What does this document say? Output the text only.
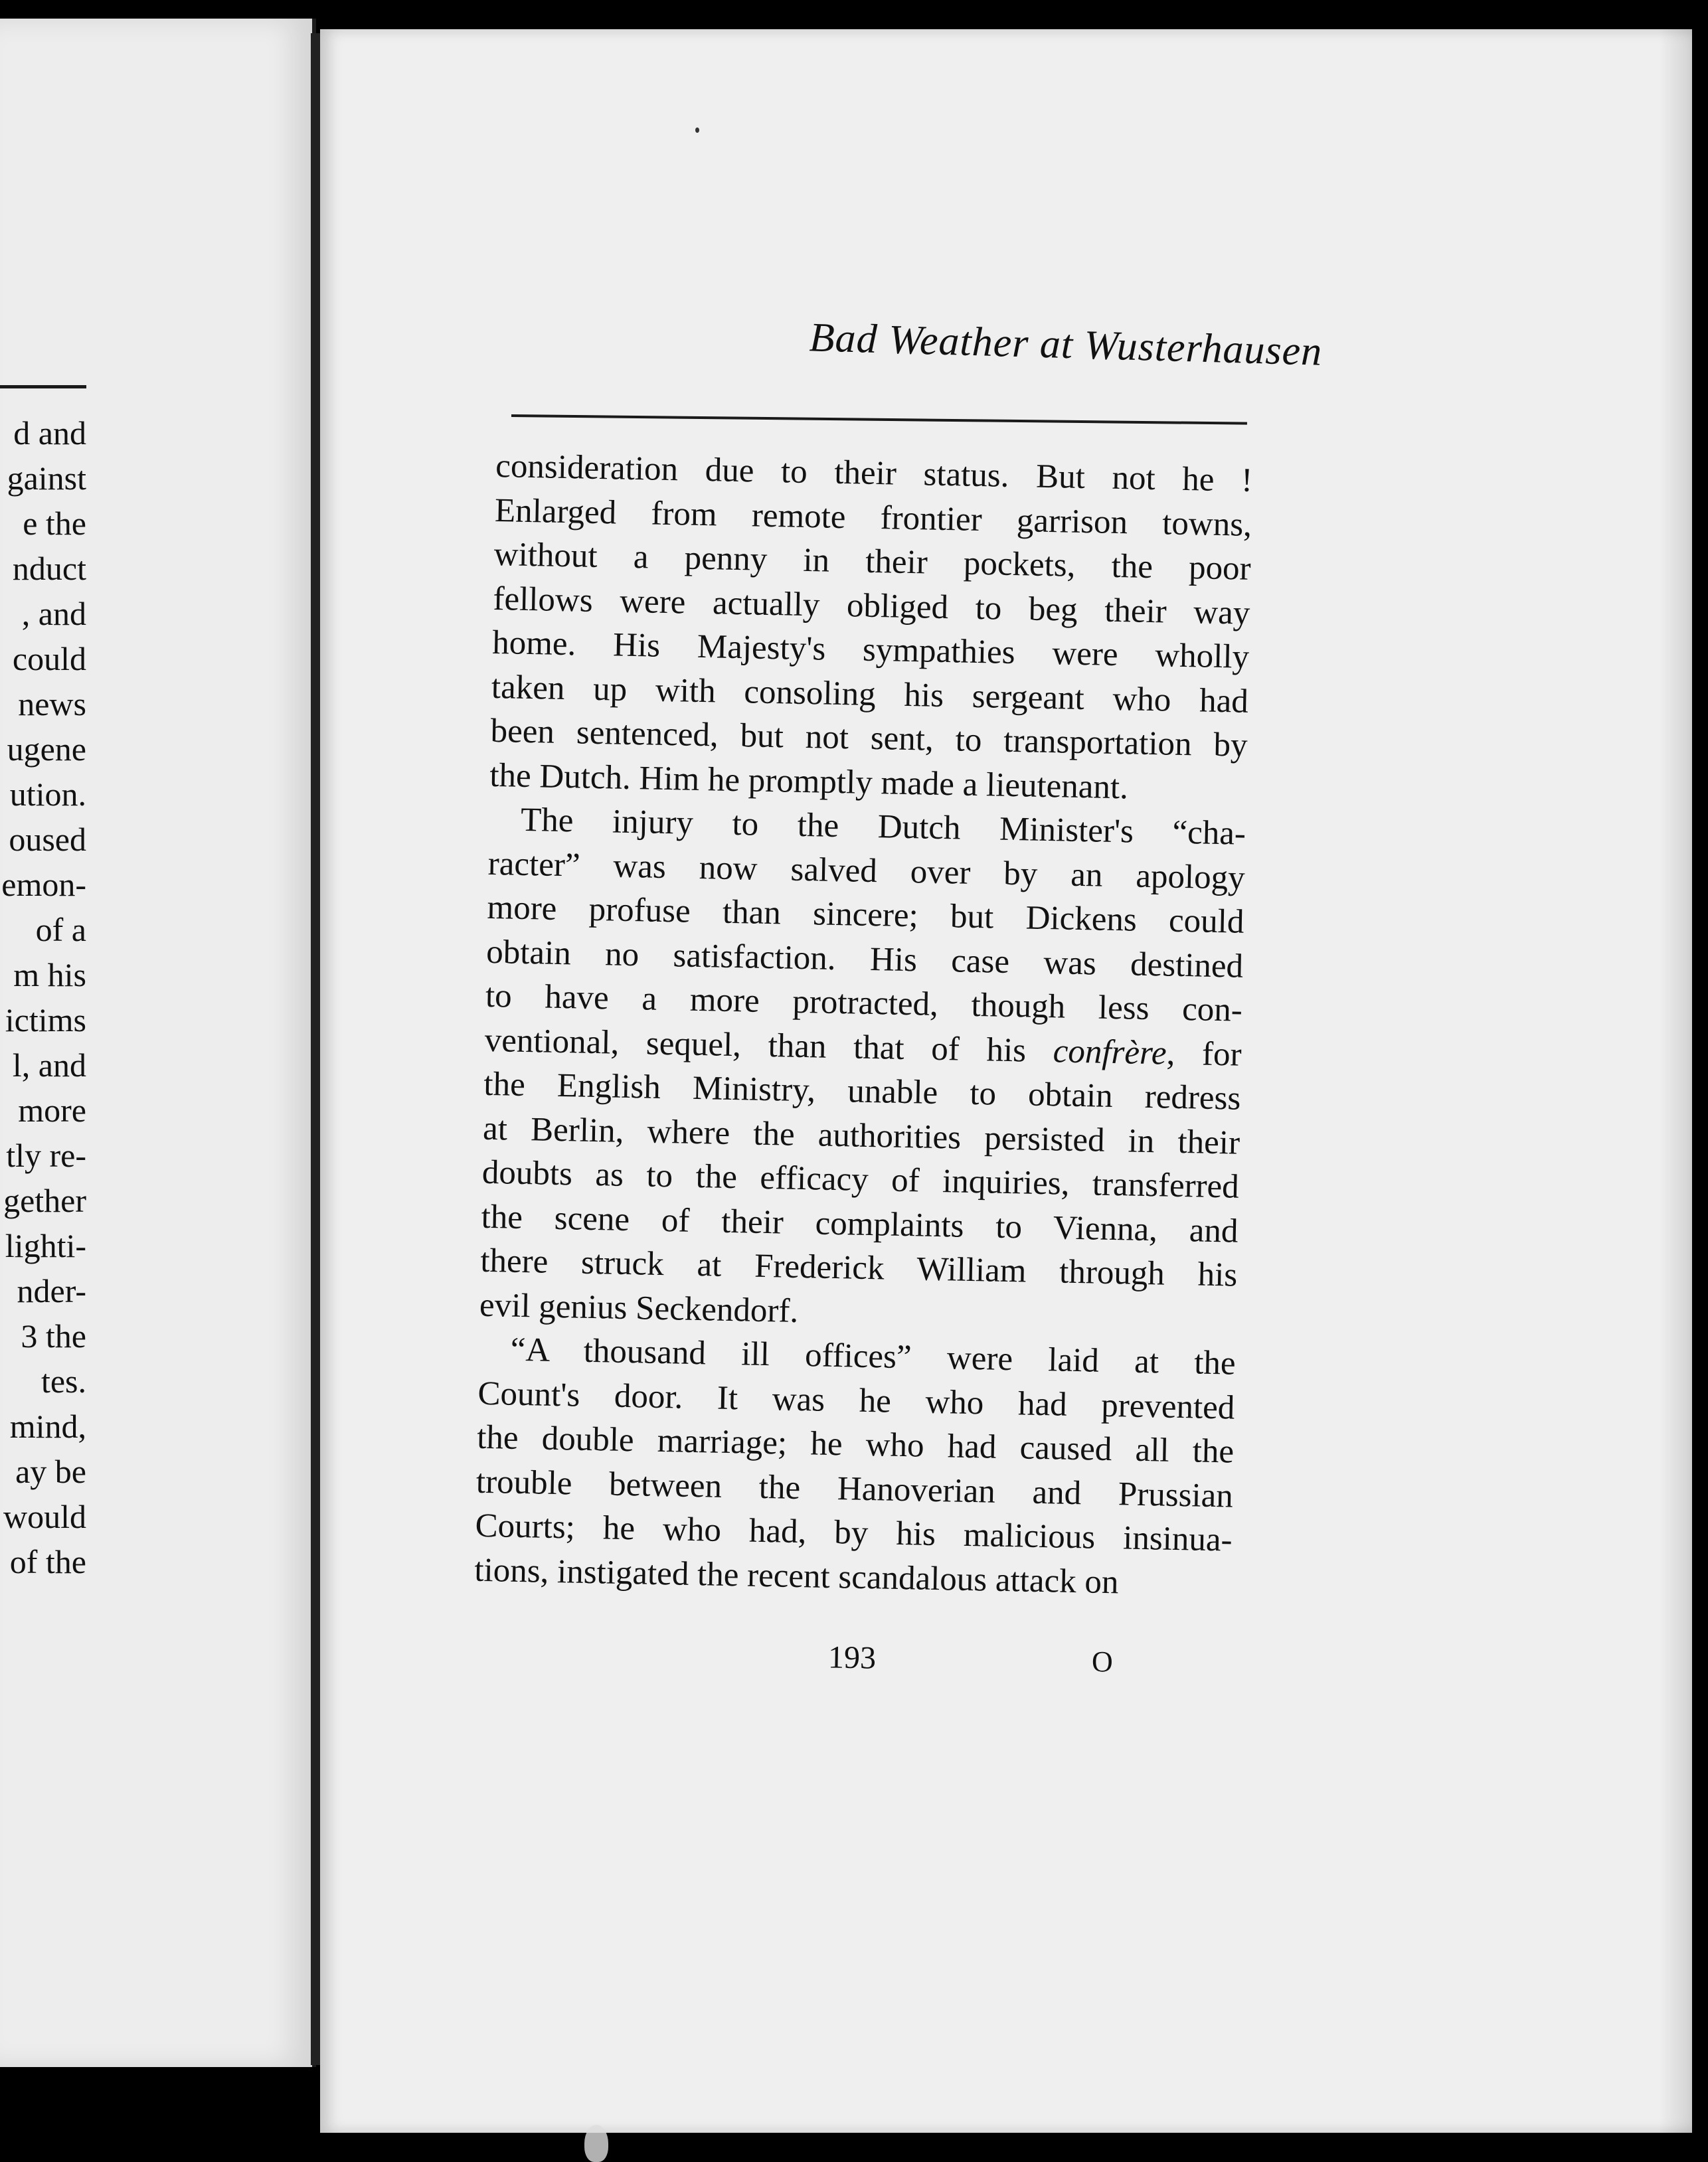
d and
gainst
e the
nduct
, and
could
news
ugene
ution.
oused
emon-
of a
m his
ictims
l, and
more
tly re-
gether
lighti-
nder-
3 the
tes.
mind,
ay be
would
of the
Bad Weather at Wusterhausen
consideration due to their status. But not he !
Enlarged from remote frontier garrison towns,
without a penny in their pockets, the poor
fellows were actually obliged to beg their way
home. His Majesty's sympathies were wholly
taken up with consoling his sergeant who had
been sentenced, but not sent, to transportation by
the Dutch. Him he promptly made a lieutenant.
The injury to the Dutch Minister's “cha-
racter” was now salved over by an apology
more profuse than sincere; but Dickens could
obtain no satisfaction. His case was destined
to have a more protracted, though less con-
ventional, sequel, than that of his confrère, for
the English Ministry, unable to obtain redress
at Berlin, where the authorities persisted in their
doubts as to the efficacy of inquiries, transferred
the scene of their complaints to Vienna, and
there struck at Frederick William through his
evil genius Seckendorf.
“A thousand ill offices” were laid at the
Count's door. It was he who had prevented
the double marriage; he who had caused all the
trouble between the Hanoverian and Prussian
Courts; he who had, by his malicious insinua-
tions, instigated the recent scandalous attack on
193	O
